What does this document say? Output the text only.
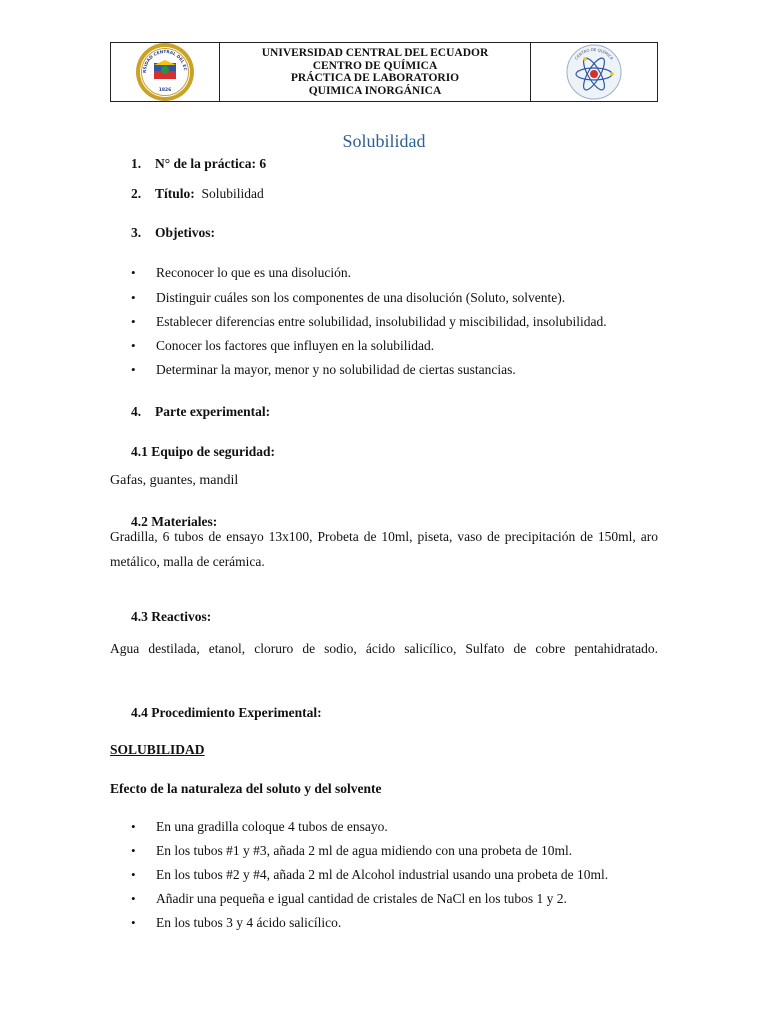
RSIDAD CENTRAL DEL EC
1826
UNIVERSIDAD CENTRAL DEL ECUADOR
CENTRO DE QUÍMICA
PRÁCTICA DE LABORATORIO
QUIMICA INORGÁNICA
CENTRO DE QUÍMICA
Solubilidad
1. N° de la práctica: 6
2. Título: Solubilidad
3. Objetivos:
• Reconocer lo que es una disolución.
• Distinguir cuáles son los componentes de una disolución (Soluto, solvente).
• Establecer diferencias entre solubilidad, insolubilidad y miscibilidad, insolubilidad.
• Conocer los factores que influyen en la solubilidad.
• Determinar la mayor, menor y no solubilidad de ciertas sustancias.
4. Parte experimental:
4.1 Equipo de seguridad:
Gafas, guantes, mandil
4.2 Materiales:
Gradilla, 6 tubos de ensayo 13x100, Probeta de 10ml, piseta, vaso de precipitación de 150ml, aro
metálico, malla de cerámica.
4.3 Reactivos:
Agua destilada, etanol, cloruro de sodio, ácido salicílico, Sulfato de cobre pentahidratado.
4.4 Procedimiento Experimental:
SOLUBILIDAD
Efecto de la naturaleza del soluto y del solvente
• En una gradilla coloque 4 tubos de ensayo.
• En los tubos #1 y #3, añada 2 ml de agua midiendo con una probeta de 10ml.
• En los tubos #2 y #4, añada 2 ml de Alcohol industrial usando una probeta de 10ml.
• Añadir una pequeña e igual cantidad de cristales de NaCl en los tubos 1 y 2.
• En los tubos 3 y 4 ácido salicílico.
